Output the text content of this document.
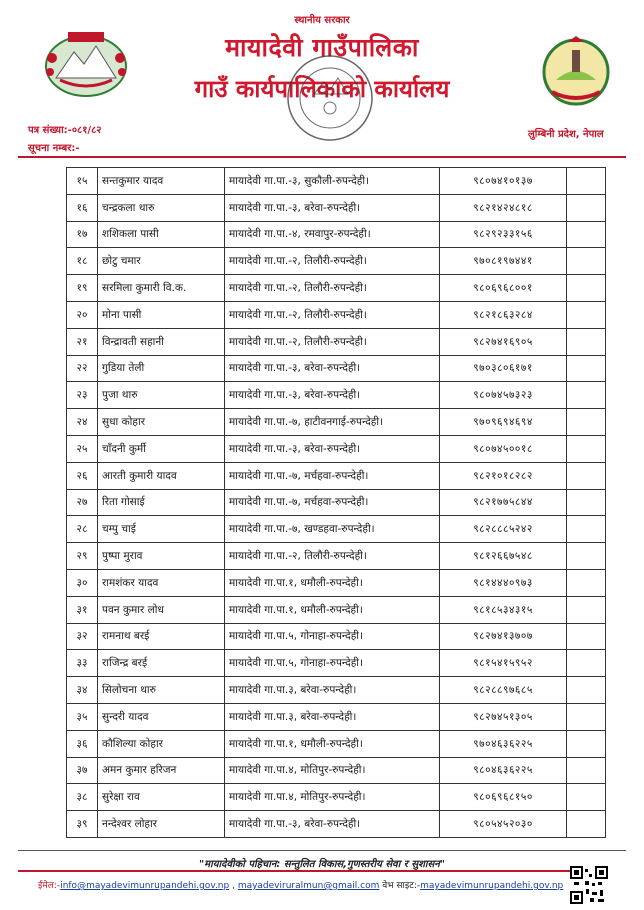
स्थानीय सरकार
मायादेवी गाउँपालिका
गाउँ कार्यपालिकाको कार्यालय
पत्र संख्या:-०८१/८२
सूचना नम्बर:-
लुम्बिनी प्रदेश, नेपाल
१५	सन्तकुमार यादव	मायादेवी गा.पा.-३, सुकौली-रुपन्देही।	९८०७४१०१३७	
१६	चन्द्रकला थारु	मायादेवी गा.पा.-३, बरेवा-रुपन्देही।	९८२१४२४८१८	
१७	शशिकला पासी	मायादेवी गा.पा.-४, रमवापुर-रुपन्देही।	९८२९२३३१५६	
१८	छोटु चमार	मायादेवी गा.पा.-२, तिलौरी-रुपन्देही।	९७०८१९७४४१	
१९	सरमिला कुमारी वि.क.	मायादेवी गा.पा.-२, तिलौरी-रुपन्देही।	९८०६९६८००१	
२०	मोना पासी	मायादेवी गा.पा.-२, तिलौरी-रुपन्देही।	९८२१८६३२८४	
२१	विन्द्रावती सहानी	मायादेवी गा.पा.-२, तिलौरी-रुपन्देही।	९८२७४१६९०५	
२२	गुडिया तेली	मायादेवी गा.पा.-३, बरेवा-रुपन्देही।	९७०३८०६१७१	
२३	पुजा थारु	मायादेवी गा.पा.-३, बरेवा-रुपन्देही।	९८०७४५७३२३	
२४	सुधा कोहार	मायादेवी गा.पा.-७, हाटीवनगाई-रुपन्देही।	९७०९६९४६९४	
२५	चाँदनी कुर्मी	मायादेवी गा.पा.-३, बरेवा-रुपन्देही।	९८०७४५००१८	
२६	आरती कुमारी यादव	मायादेवी गा.पा.-७, मर्चहवा-रुपन्देही।	९८२१०१८२८२	
२७	रिता गोसाई	मायादेवी गा.पा.-७, मर्चहवा-रुपन्देही।	९८२१७७५८४४	
२८	चम्पु चाई	मायादेवी गा.पा.-७, खण्डहवा-रुपन्देही।	९८२८८८५२४२	
२९	पुष्पा मुराव	मायादेवी गा.पा.-२, तिलौरी-रुपन्देही।	९८१२६६७५४८	
३०	रामशंकर यादव	मायादेवी गा.पा.१, धमौली-रुपन्देही।	९८१४४४०९७३	
३१	पवन कुमार लोध	मायादेवी गा.पा.१, धमौली-रुपन्देही।	९८१८५३४३१५	
३२	रामनाथ बरई	मायादेवी गा.पा.५, गोनाहा-रुपन्देही।	९८२७४१३७०७	
३३	राजिन्द्र बरई	मायादेवी गा.पा.५, गोनाहा-रुपन्देही।	९८१५४१५९५२	
३४	सिलोचना थारु	मायादेवी गा.पा.३, बरेवा-रुपन्देही।	९८२८८९७६८५	
३५	सुन्दरी यादव	मायादेवी गा.पा.३, बरेवा-रुपन्देही।	९८२७४५१३०५	
३६	कौशिल्या कोहार	मायादेवी गा.पा.१, धमौली-रुपन्देही।	९७०४६३६२२५	
३७	अमन कुमार हरिजन	मायादेवी गा.पा.४, मोतिपुर-रुपन्देही।	९८०४६३६२२५	
३८	सुरेक्षा राव	मायादेवी गा.पा.४, मोतिपुर-रुपन्देही।	९८०६९६८१५०	
३९	नन्देश्वर लोहार	मायादेवी गा.पा.-३, बरेवा-रुपन्देही।	९८०५४५२०३०	
"मायादेवीको पहिचान: सन्तुलित विकास,गुणस्तरीय सेवा र सुशासन"
ईमेल:-info@mayadevimunrupandehi.gov.np , mayadeviruralmun@gmail.com वेभ साइट:-mayadevimunrupandehi.gov.np
